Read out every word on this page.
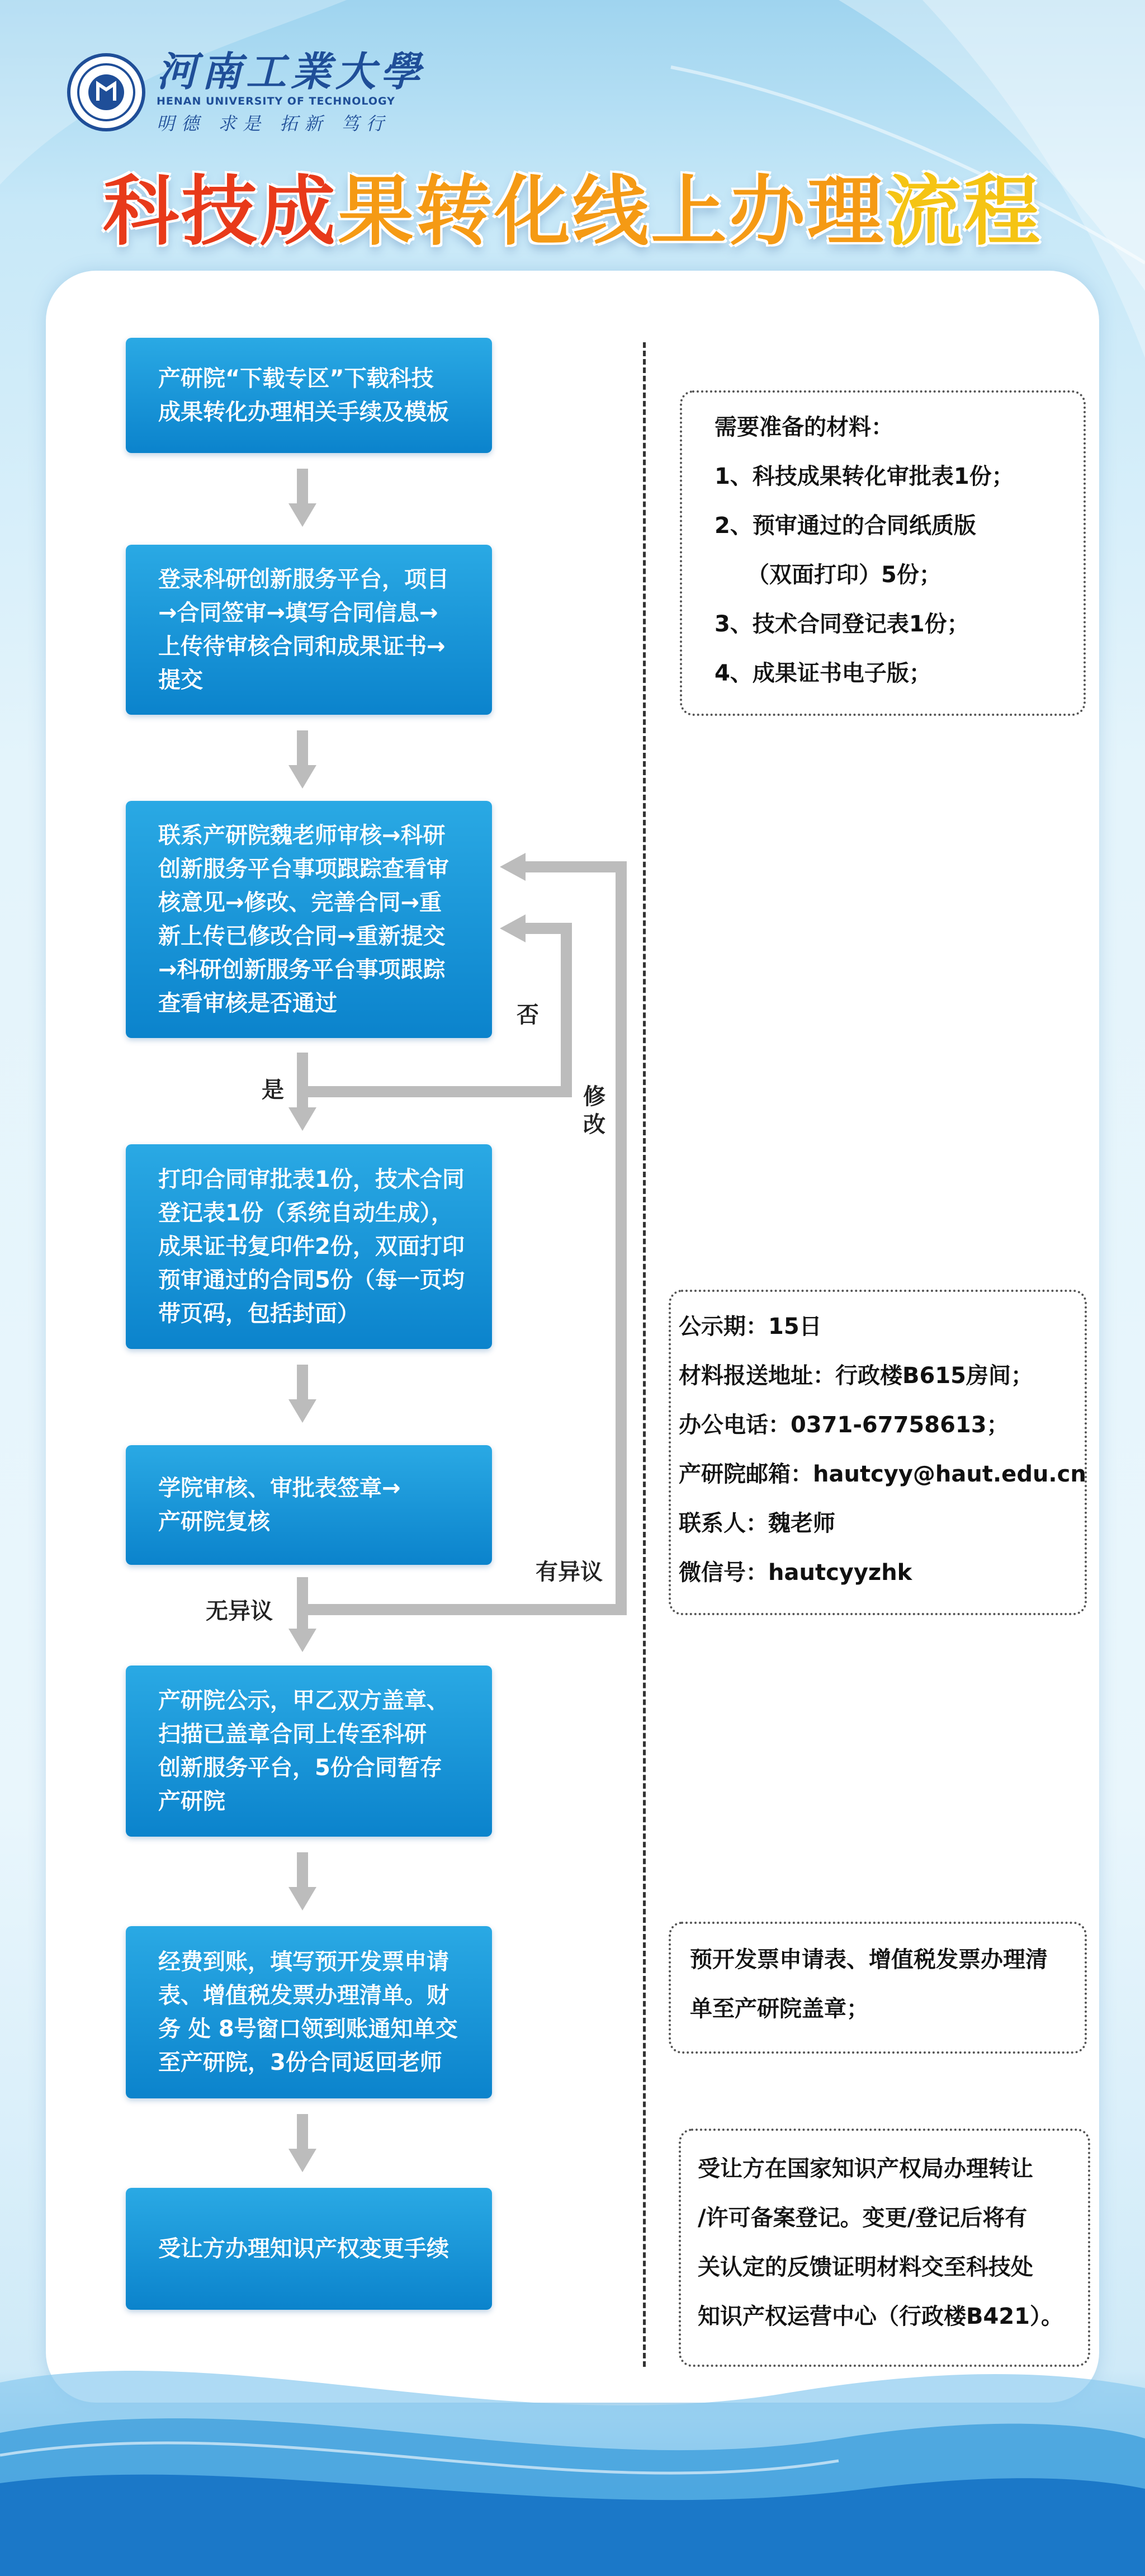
河南工業大學
HENAN UNIVERSITY OF TECHNOLOGY
明德 求是 拓新 笃行
科技成果转化线上办理流程
产研院“下载专区”下载科技
成果转化办理相关手续及模板
登录科研创新服务平台，项目
→合同签审→填写合同信息→
上传待审核合同和成果证书→
提交
联系产研院魏老师审核→科研
创新服务平台事项跟踪查看审
核意见→修改、完善合同→重
新上传已修改合同→重新提交
→科研创新服务平台事项跟踪
查看审核是否通过
打印合同审批表1份，技术合同
登记表1份（系统自动生成），
成果证书复印件2份，双面打印
预审通过的合同5份（每一页均
带页码，包括封面）
学院审核、审批表签章→
产研院复核
产研院公示，甲乙双方盖章、
扫描已盖章合同上传至科研
创新服务平台，5份合同暂存
产研院
经费到账，填写预开发票申请
表、增值税发票办理清单。财
务 处 8号窗口领到账通知单交
至产研院，3份合同返回老师
受让方办理知识产权变更手续
否
是	修改
有异议
无异议
需要准备的材料：
1、科技成果转化审批表1份；
2、预审通过的合同纸质版
（双面打印）5份；
3、技术合同登记表1份；
4、成果证书电子版；
公示期：15日
材料报送地址：行政楼B615房间；
办公电话：0371-67758613；
产研院邮箱：hautcyy@haut.edu.cn
联系人：魏老师
微信号：hautcyyzhk
预开发票申请表、增值税发票办理清
单至产研院盖章；
受让方在国家知识产权局办理转让
/许可备案登记。变更/登记后将有
关认定的反馈证明材料交至科技处
知识产权运营中心（行政楼B421）。
